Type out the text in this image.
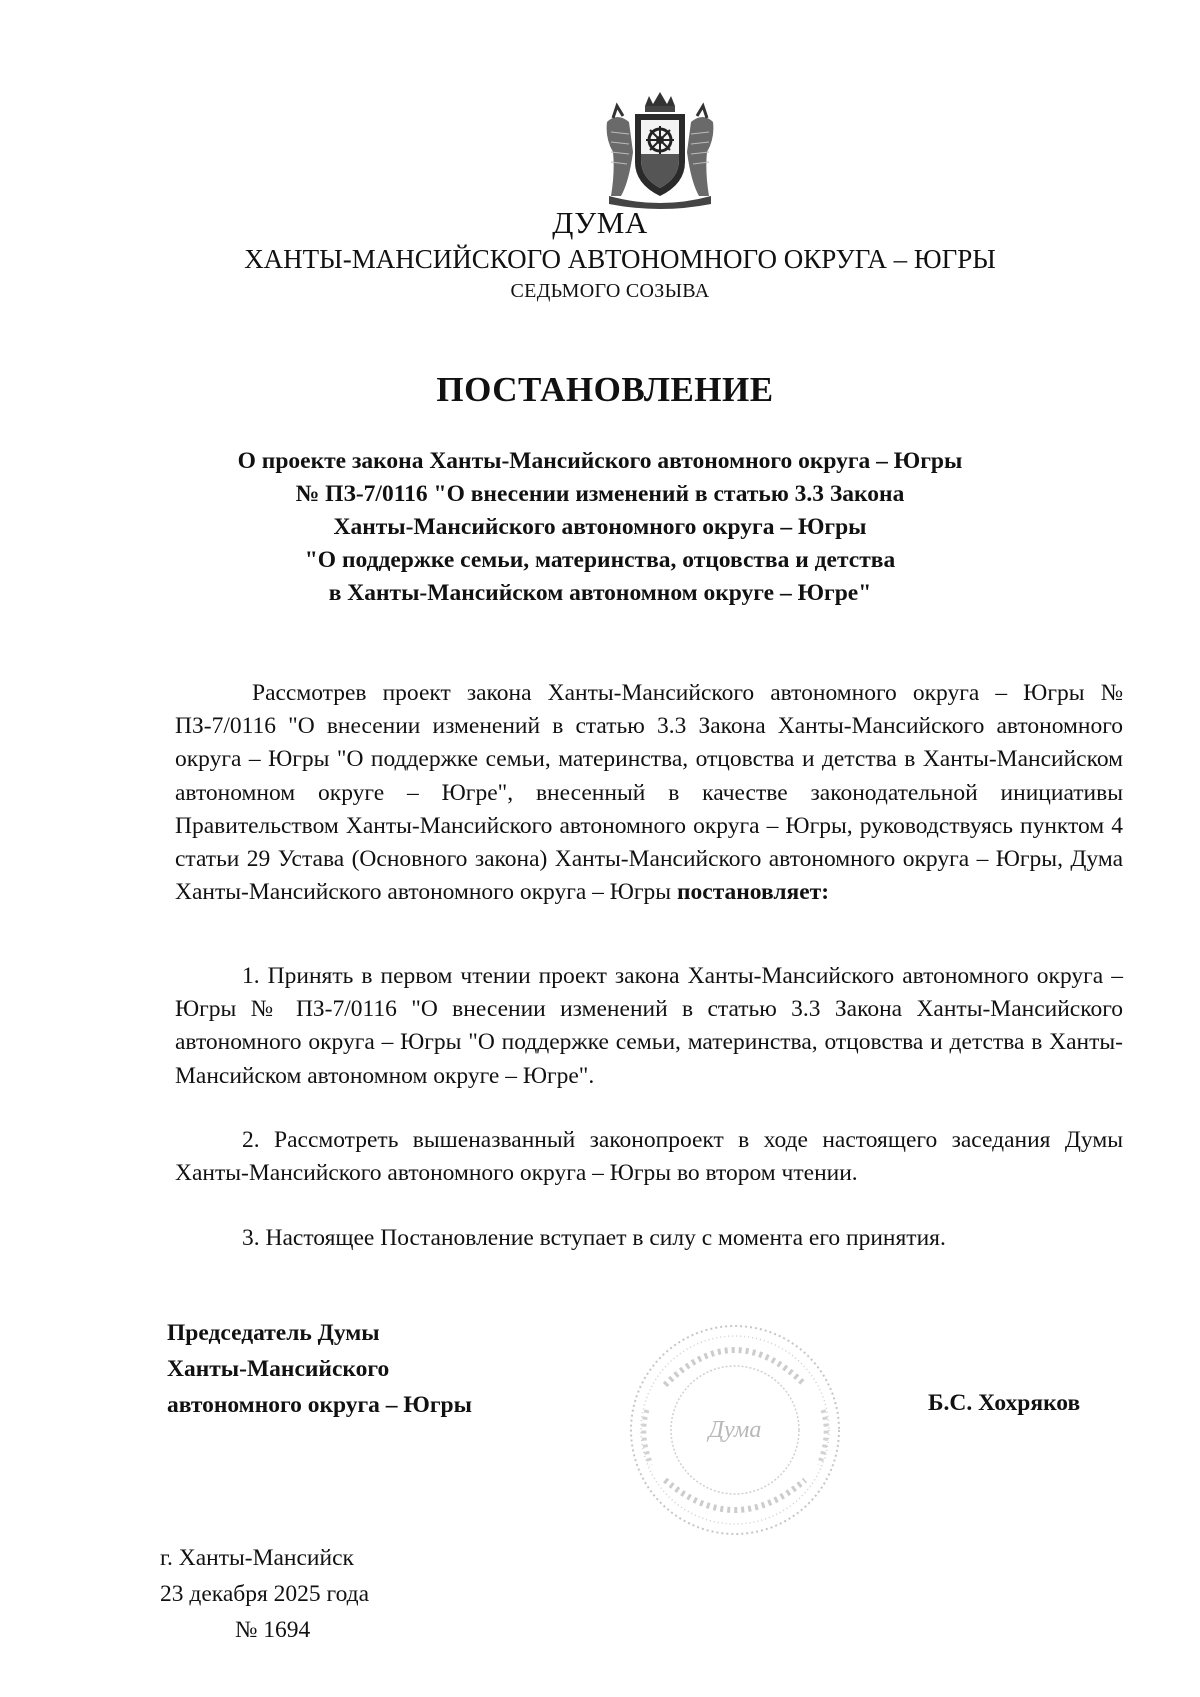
ДУМА
ХАНТЫ-МАНСИЙСКОГО АВТОНОМНОГО ОКРУГА – ЮГРЫ
СЕДЬМОГО СОЗЫВА
ПОСТАНОВЛЕНИЕ
О проекте закона Ханты-Мансийского автономного округа – Югры
№ ПЗ-7/0116 "О внесении изменений в статью 3.3 Закона
Ханты-Мансийского автономного округа – Югры
"О поддержке семьи, материнства, отцовства и детства
в Ханты-Мансийском автономном округе – Югре"
Рассмотрев проект закона Ханты-Мансийского автономного округа – Югры № ПЗ-7/0116 "О внесении изменений в статью 3.3 Закона Ханты-Мансийского автономного округа – Югры "О поддержке семьи, материнства, отцовства и детства в Ханты-Мансийском автономном округе – Югре", внесенный в качестве законодательной инициативы Правительством Ханты-Мансийского автономного округа – Югры, руководствуясь пунктом 4 статьи 29 Устава (Основного закона) Ханты-Мансийского автономного округа – Югры, Дума Ханты-Мансийского автономного округа – Югры постановляет:
1. Принять в первом чтении проект закона Ханты-Мансийского автономного округа – Югры № ПЗ-7/0116 "О внесении изменений в статью 3.3 Закона Ханты-Мансийского автономного округа – Югры "О поддержке семьи, материнства, отцовства и детства в Ханты-Мансийском автономном округе – Югре".
2. Рассмотреть вышеназванный законопроект в ходе настоящего заседания Думы Ханты-Мансийского автономного округа – Югры во втором чтении.
3. Настоящее Постановление вступает в силу с момента его принятия.
Председатель Думы
Ханты-Мансийского
автономного округа – Югры
Дума
Б.С. Хохряков
г. Ханты-Мансийск
23 декабря 2025 года
№ 1694
